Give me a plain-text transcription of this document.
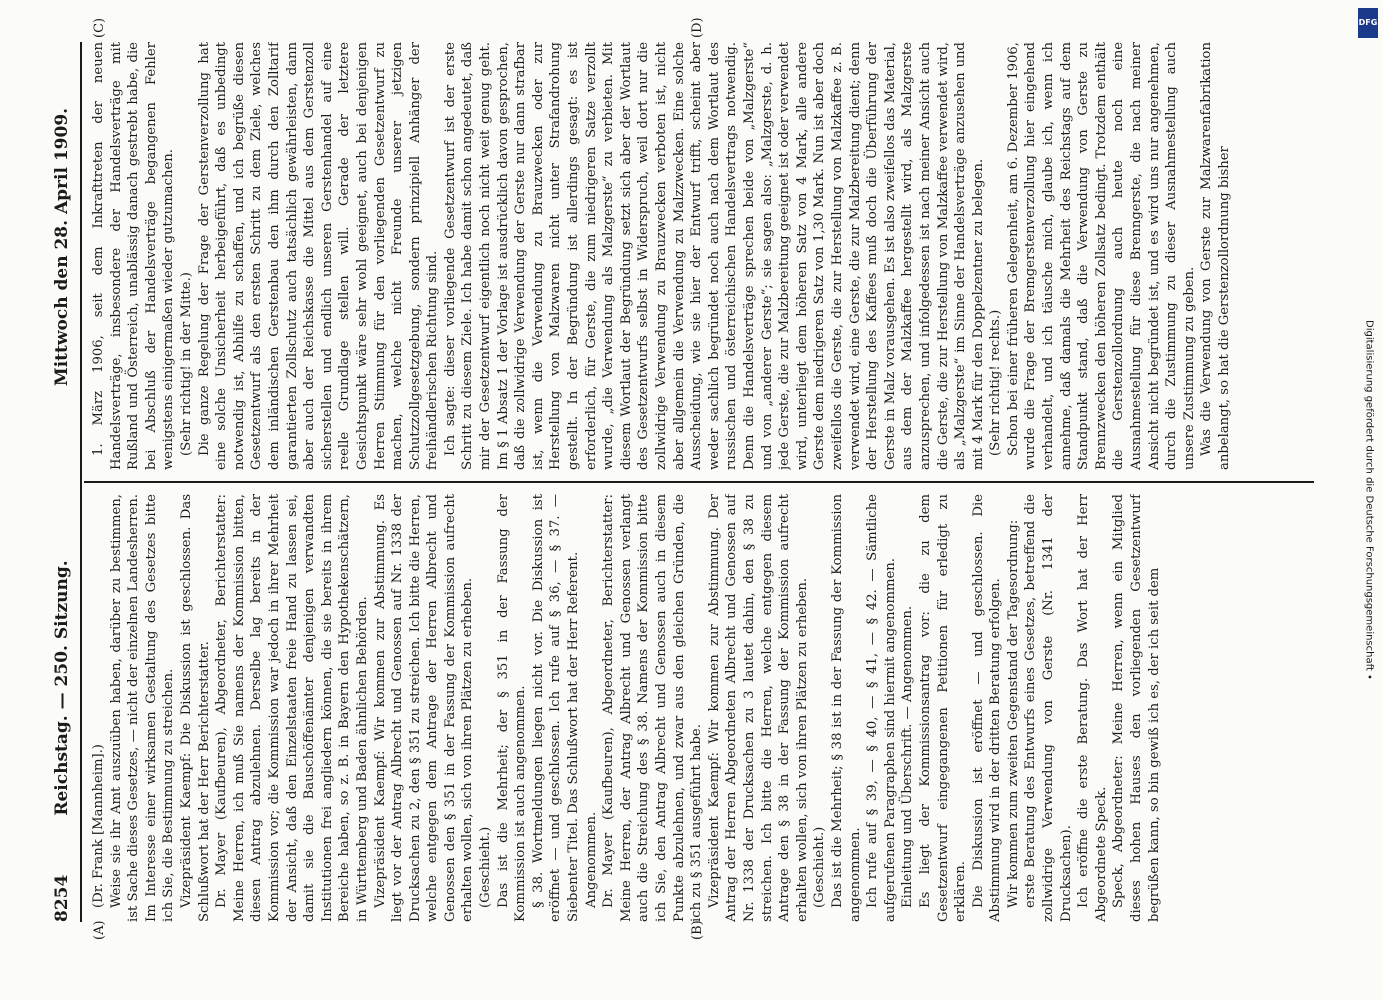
8254
Reichstag. — 250. Sitzung.
Mittwoch den 28. April 1909.
(A)	(B)
(C)	(D)

(Dr. Frank [Mannheim].) Weise sie ihr Amt auszuüben haben, darüber zu bestimmen, ist Sache dieses Gesetzes, — nicht der einzelnen Landesherren. Im Interesse einer wirksamen Gestaltung des Gesetzes bitte ich Sie, die Bestimmung zu streichen. Vizepräsident Kaempf: Die Diskussion ist geschlossen. Das Schlußwort hat der Herr Berichterstatter. Dr. Mayer (Kaufbeuren), Abgeordneter, Berichterstatter: Meine Herren, ich muß Sie namens der Kommission bitten, diesen Antrag abzulehnen. Derselbe lag bereits in der Kommission vor; die Kommission war jedoch in ihrer Mehrheit der Ansicht, daß den Einzelstaaten freie Hand zu lassen sei, damit sie die Bauschöffenämter denjenigen verwandten Institutionen frei angliedern können, die sie bereits in ihrem Bereiche haben, so z. B. in Bayern den Hypothekenschätzern, in Württemberg und Baden ähnlichen Behörden. Vizepräsident Kaempf: Wir kommen zur Abstimmung. Es liegt vor der Antrag Albrecht und Genossen auf Nr. 1338 der Drucksachen zu 2, den § 351 zu streichen. Ich bitte die Herren, welche entgegen dem Antrage der Herren Albrecht und Genossen den § 351 in der Fassung der Kommission aufrecht erhalten wollen, sich von ihren Plätzen zu erheben. (Geschieht.) Das ist die Mehrheit; der § 351 in der Fassung der Kommission ist auch angenommen. § 38. Wortmeldungen liegen nicht vor. Die Diskussion ist eröffnet — und geschlossen. Ich rufe auf § 36, — § 37. — Siebenter Titel. Das Schlußwort hat der Herr Referent. Angenommen. Dr. Mayer (Kaufbeuren), Abgeordneter, Berichterstatter: Meine Herren, der Antrag Albrecht und Genossen verlangt auch die Streichung des § 38. Namens der Kommission bitte ich Sie, den Antrag Albrecht und Genossen auch in diesem Punkte abzulehnen, und zwar aus den gleichen Gründen, die ich zu § 351 ausgeführt habe. Vizepräsident Kaempf: Wir kommen zur Abstimmung. Der Antrag der Herren Abgeordneten Albrecht und Genossen auf Nr. 1338 der Drucksachen zu 3 lautet dahin, den § 38 zu streichen. Ich bitte die Herren, welche entgegen diesem Antrage den § 38 in der Fassung der Kommission aufrecht erhalten wollen, sich von ihren Plätzen zu erheben. (Geschieht.) Das ist die Mehrheit; § 38 ist in der Fassung der Kommission angenommen. Ich rufe auf § 39, — § 40, — § 41, — § 42. — Sämtliche aufgerufenen Paragraphen sind hiermit angenommen. Einleitung und Überschrift. — Angenommen. Es liegt der Kommissionsantrag vor: die zu dem Gesetzentwurf eingegangenen Petitionen für erledigt zu erklären. Die Diskussion ist eröffnet — und geschlossen. Die Abstimmung wird in der dritten Beratung erfolgen. Wir kommen zum zweiten Gegenstand der Tagesordnung: erste Beratung des Entwurfs eines Gesetzes, betreffend die zollwidrige Verwendung von Gerste (Nr. 1341 der Drucksachen). Ich eröffne die erste Beratung. Das Wort hat der Herr Abgeordnete Speck. Speck, Abgeordneter: Meine Herren, wenn ein Mitglied dieses hohen Hauses den vorliegenden Gesetzentwurf begrüßen kann, so bin gewiß ich es, der ich seit dem

1. März 1906, seit dem Inkrafttreten der neuen Handelsverträge, insbesondere der Handelsverträge mit Rußland und Österreich, unablässig danach gestrebt habe, die bei Abschluß der Handelsverträge begangenen Fehler wenigstens einigermaßen wieder gutzumachen. (Sehr richtig! in der Mitte.) Die ganze Regelung der Frage der Gerstenverzollung hat eine solche Unsicherheit herbeigeführt, daß es unbedingt notwendig ist, Abhilfe zu schaffen, und ich begrüße diesen Gesetzentwurf als den ersten Schritt zu dem Ziele, welches dem inländischen Gerstenbau den ihm durch den Zolltarif garantierten Zollschutz auch tatsächlich gewährleisten, dann aber auch der Reichskasse die Mittel aus dem Gerstenzoll sicherstellen und endlich unseren Gerstenhandel auf eine reelle Grundlage stellen will. Gerade der letztere Gesichtspunkt wäre sehr wohl geeignet, auch bei denjenigen Herren Stimmung für den vorliegenden Gesetzentwurf zu machen, welche nicht Freunde unserer jetzigen Schutzzollgesetzgebung, sondern prinzipiell Anhänger der freihändlerischen Richtung sind. Ich sagte: dieser vorliegende Gesetzentwurf ist der erste Schritt zu diesem Ziele. Ich habe damit schon angedeutet, daß mir der Gesetzentwurf eigentlich noch nicht weit genug geht. Im § 1 Absatz 1 der Vorlage ist ausdrücklich davon gesprochen, daß die zollwidrige Verwendung der Gerste nur dann strafbar ist, wenn die Verwendung zu Brauzwecken oder zur Herstellung von Malzwaren nicht unter Strafandrohung gestellt. In der Begründung ist allerdings gesagt: es ist erforderlich, für Gerste, die zum niedrigeren Satze verzollt wurde, „die Verwendung als Malzgerste“ zu verbieten. Mit diesem Wortlaut der Begründung setzt sich aber der Wortlaut des Gesetzentwurfs selbst in Widerspruch, weil dort nur die zollwidrige Verwendung zu Brauzwecken verboten ist, nicht aber allgemein die Verwendung zu Malzzwecken. Eine solche Ausscheidung, wie sie hier der Entwurf trifft, scheint aber weder sachlich begründet noch auch nach dem Wortlaut des russischen und österreichischen Handelsvertrags notwendig. Denn die Handelsverträge sprechen beide von „Malzgerste“ und von „anderer Gerste“; sie sagen also: „Malzgerste, d. h. jede Gerste, die zur Malzbereitung geeignet ist oder verwendet wird, unterliegt dem höheren Satz von 4 Mark, alle andere Gerste dem niedrigeren Satz von 1,30 Mark. Nun ist aber doch zweifellos die Gerste, die zur Herstellung von Malzkaffee z. B. verwendet wird, eine Gerste, die zur Malzbereitung dient; denn der Herstellung des Kaffees muß doch die Überführung der Gerste in Malz vorausgehen. Es ist also zweifellos das Material, aus dem der Malzkaffee hergestellt wird, als Malzgerste anzusprechen, und infolgedessen ist nach meiner Ansicht auch die Gerste, die zur Herstellung von Malzkaffee verwendet wird, als „Malzgerste“ im Sinne der Handelsverträge anzusehen und mit 4 Mark für den Doppelzentner zu belegen. (Sehr richtig! rechts.) Schon bei einer früheren Gelegenheit, am 6. Dezember 1906, wurde die Frage der Bremgerstenverzollung hier eingehend verhandelt, und ich täusche mich, glaube ich, wenn ich annehme, daß damals die Mehrheit des Reichstags auf dem Standpunkt stand, daß die Verwendung von Gerste zu Brennzwecken den höheren Zollsatz bedingt. Trotzdem enthält die Gerstenzollordnung auch heute noch eine Ausnahmestellung für diese Brenngerste, die nach meiner Ansicht nicht begründet ist, und es wird uns nur angenehmen, durch die Zustimmung zu dieser Ausnahmestellung auch unsere Zustimmung zu geben. Was die Verwendung von Gerste zur Malzwarenfabrikation anbelangt, so hat die Gerstenzollordnung bisher

Digitalisierung gefördert durch die Deutsche Forschungsgemeinschaft •
DFG
